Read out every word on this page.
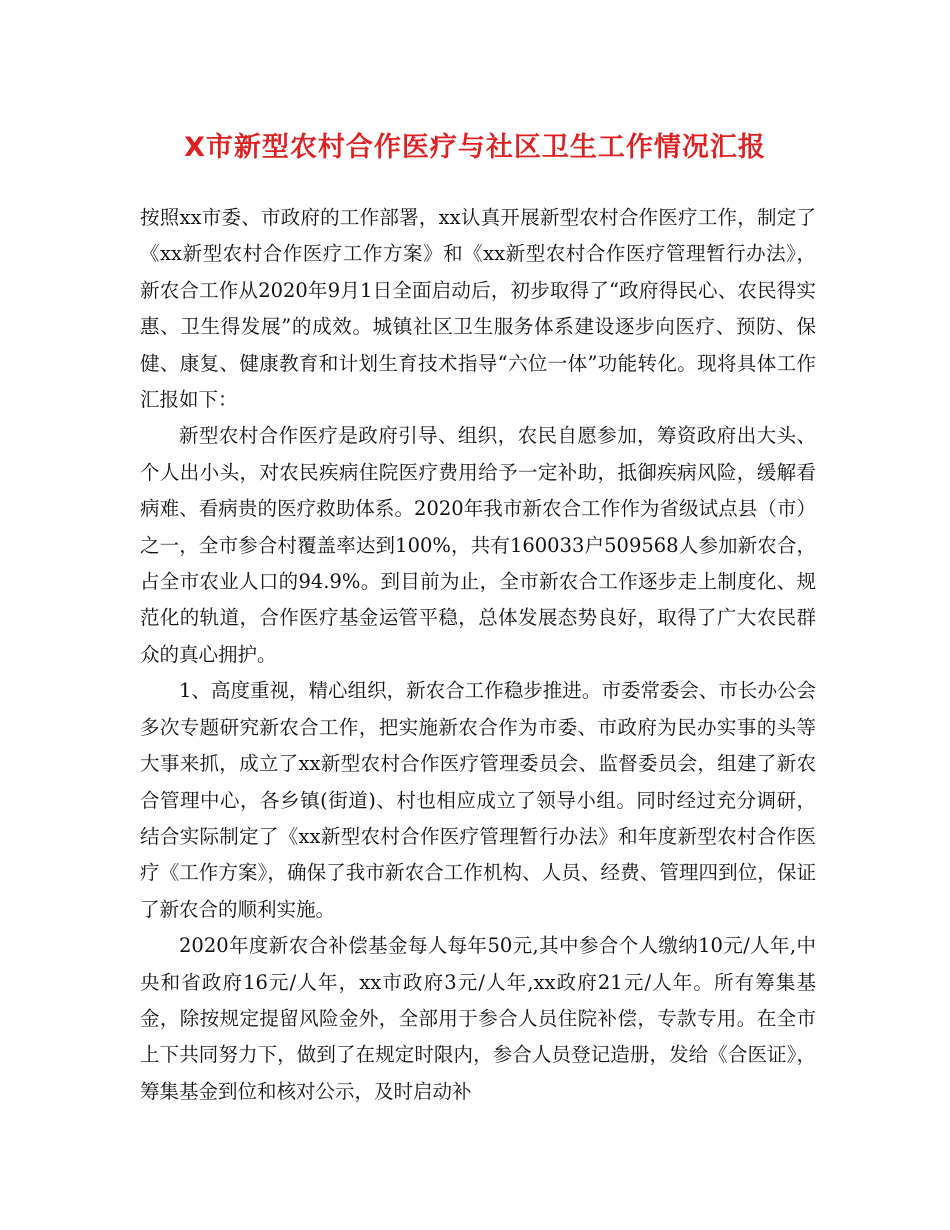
X市新型农村合作医疗与社区卫生工作情况汇报

按照xx市委、市政府的工作部署，xx认真开展新型农村合作医疗工作，制定了《xx新型农村合作医疗工作方案》和《xx新型农村合作医疗管理暂行办法》，新农合工作从2020年9月1日全面启动后，初步取得了“政府得民心、农民得实惠、卫生得发展”的成效。城镇社区卫生服务体系建设逐步向医疗、预防、保健、康复、健康教育和计划生育技术指导“六位一体”功能转化。现将具体工作汇报如下：

新型农村合作医疗是政府引导、组织，农民自愿参加，筹资政府出大头、个人出小头，对农民疾病住院医疗费用给予一定补助，抵御疾病风险，缓解看病难、看病贵的医疗救助体系。2020年我市新农合工作作为省级试点县（市）之一，全市参合村覆盖率达到100%，共有160033户509568人参加新农合，占全市农业人口的94.9%。到目前为止，全市新农合工作逐步走上制度化、规范化的轨道，合作医疗基金运管平稳，总体发展态势良好，取得了广大农民群众的真心拥护。

1、高度重视，精心组织，新农合工作稳步推进。市委常委会、市长办公会多次专题研究新农合工作，把实施新农合作为市委、市政府为民办实事的头等大事来抓，成立了xx新型农村合作医疗管理委员会、监督委员会，组建了新农合管理中心，各乡镇(街道)、村也相应成立了领导小组。同时经过充分调研，结合实际制定了《xx新型农村合作医疗管理暂行办法》和年度新型农村合作医疗《工作方案》，确保了我市新农合工作机构、人员、经费、管理四到位，保证了新农合的顺利实施。

2020年度新农合补偿基金每人每年50元,其中参合个人缴纳10元/人年,中央和省政府16元/人年，xx市政府3元/人年,xx政府21元/人年。所有筹集基金，除按规定提留风险金外，全部用于参合人员住院补偿，专款专用。在全市上下共同努力下，做到了在规定时限内，参合人员登记造册，发给《合医证》，筹集基金到位和核对公示，及时启动补
